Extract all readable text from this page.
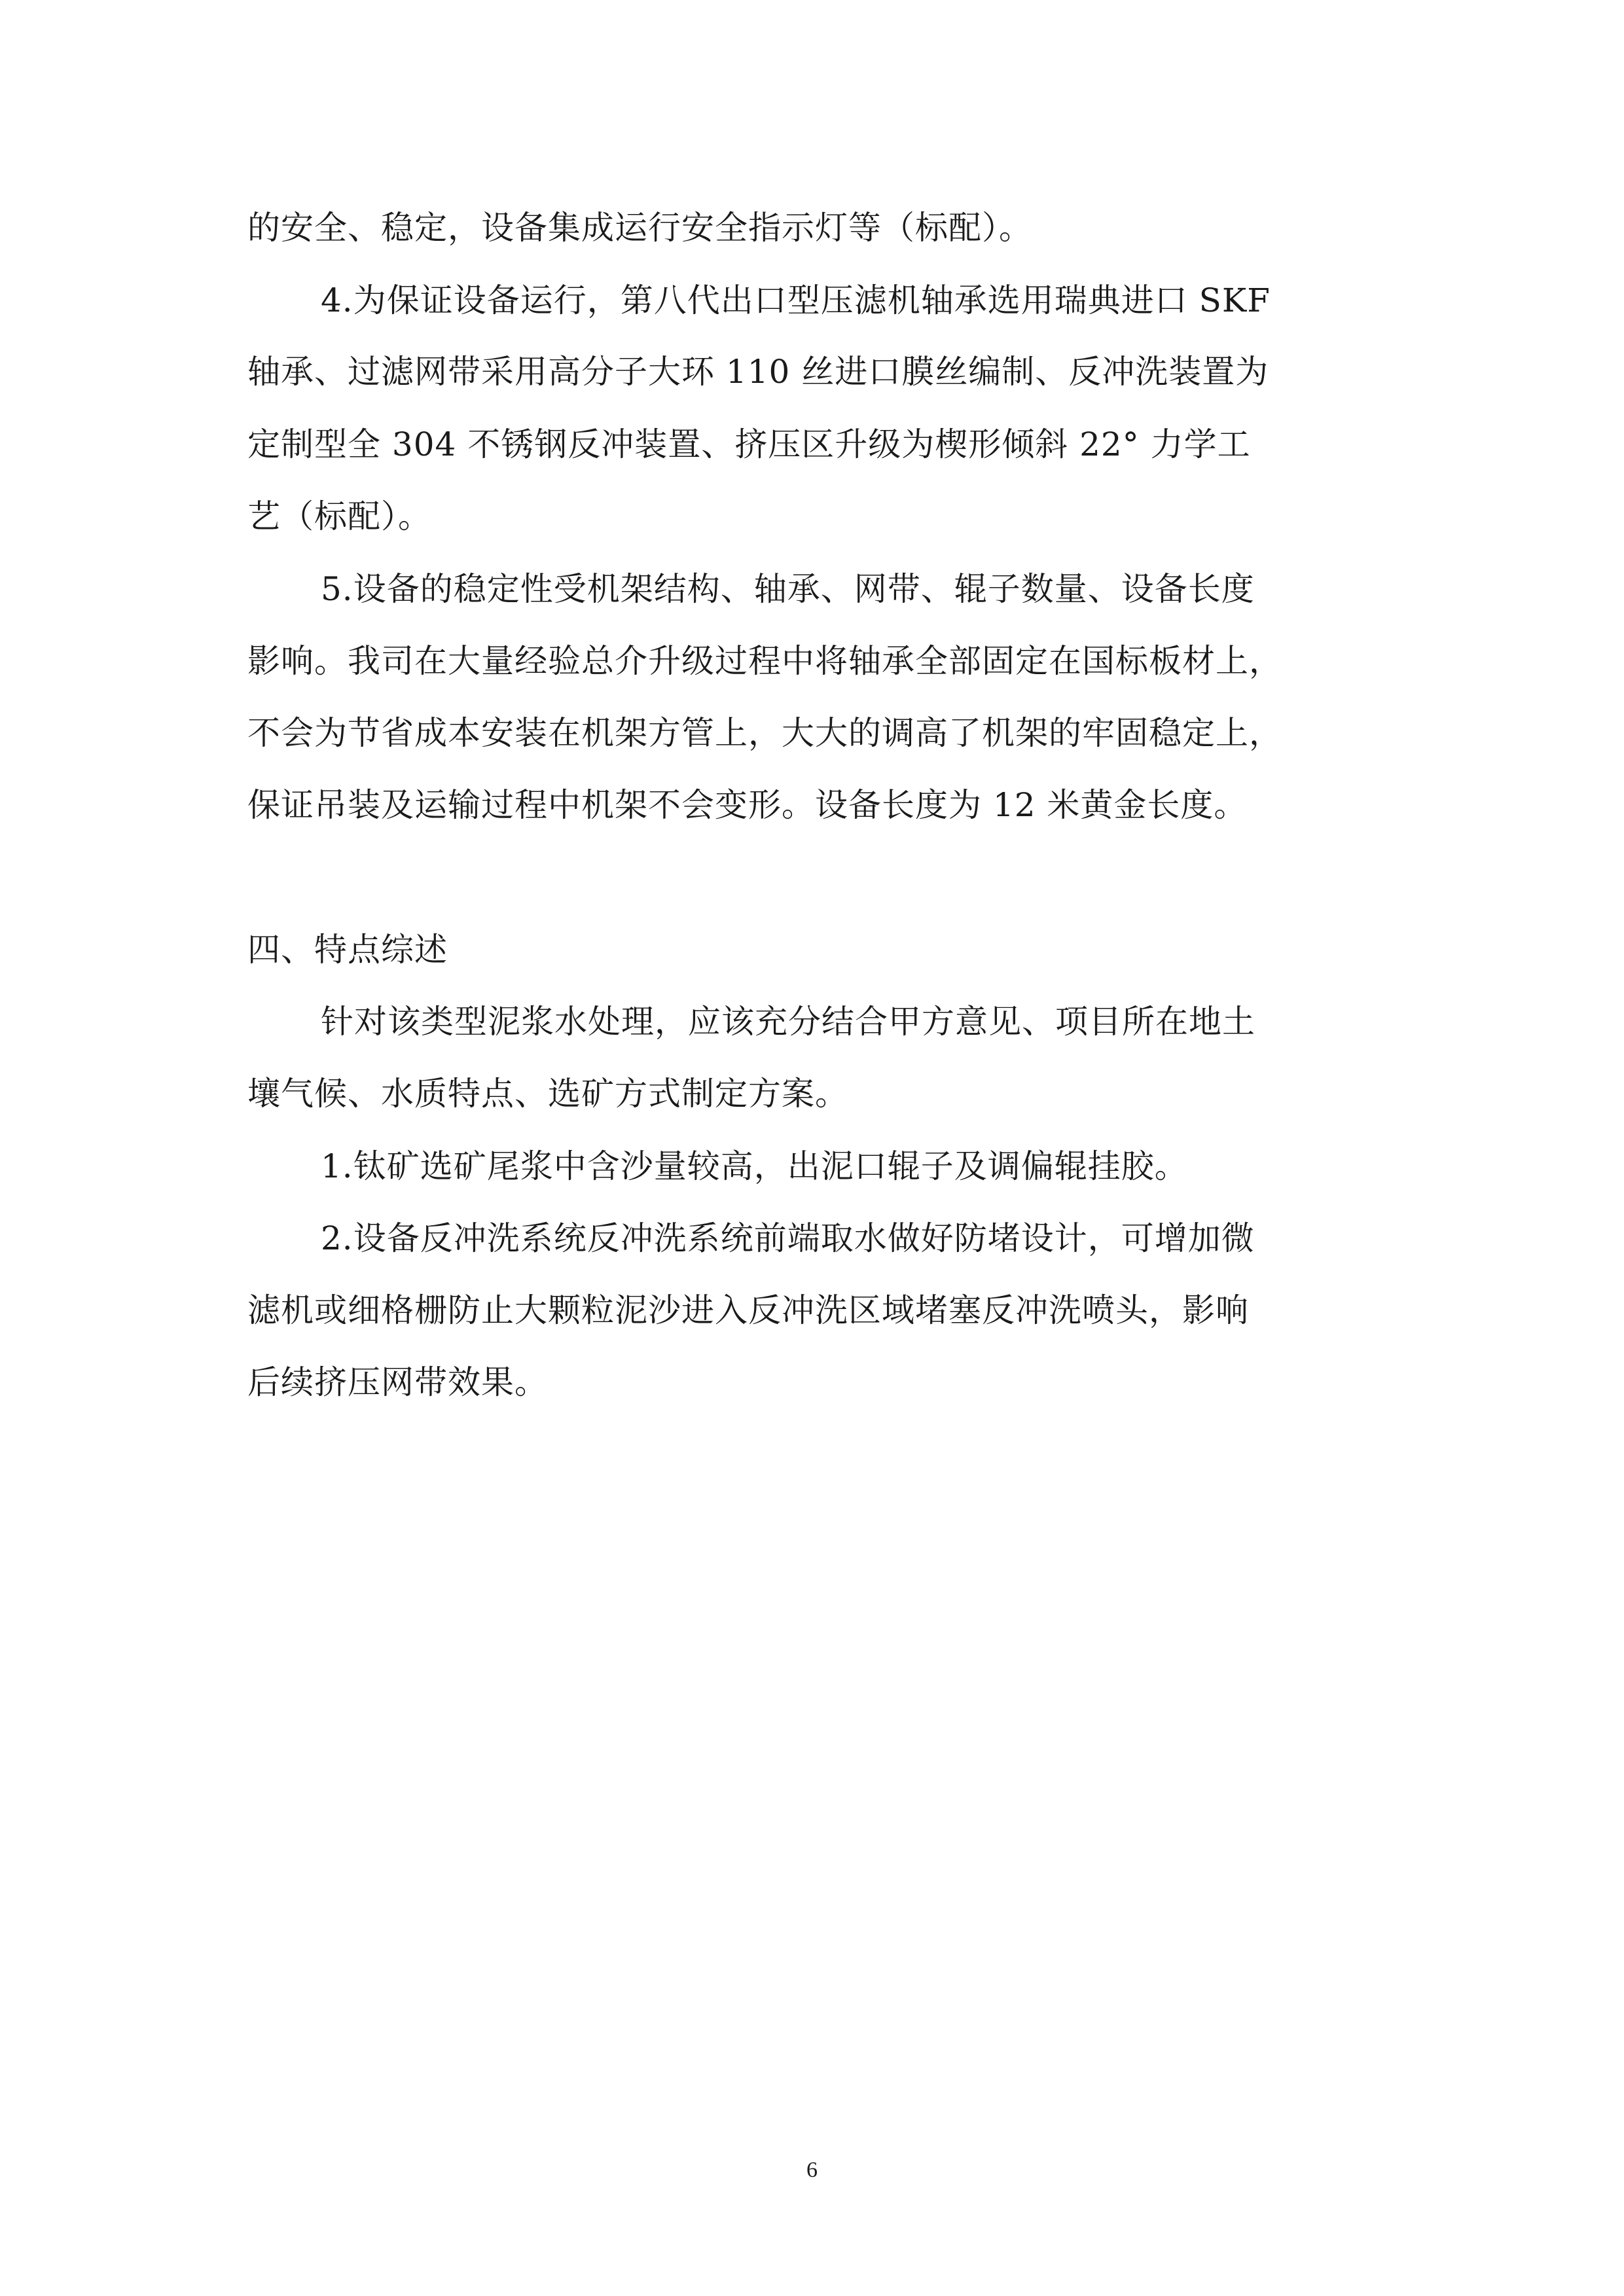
的安全、稳定，设备集成运行安全指示灯等（标配）。
4.为保证设备运行，第八代出口型压滤机轴承选用瑞典进口 SKF
轴承、过滤网带采用高分子大环 110 丝进口膜丝编制、反冲洗装置为
定制型全 304 不锈钢反冲装置、挤压区升级为楔形倾斜 22° 力学工
艺（标配）。
5.设备的稳定性受机架结构、轴承、网带、辊子数量、设备长度
影响。我司在大量经验总介升级过程中将轴承全部固定在国标板材上，
不会为节省成本安装在机架方管上，大大的调高了机架的牢固稳定上，
保证吊装及运输过程中机架不会变形。设备长度为 12 米黄金长度。
四、特点综述
针对该类型泥浆水处理，应该充分结合甲方意见、项目所在地土
壤气候、水质特点、选矿方式制定方案。
1.钛矿选矿尾浆中含沙量较高，出泥口辊子及调偏辊挂胶。
2.设备反冲洗系统反冲洗系统前端取水做好防堵设计，可增加微
滤机或细格栅防止大颗粒泥沙进入反冲洗区域堵塞反冲洗喷头，影响
后续挤压网带效果。
6
